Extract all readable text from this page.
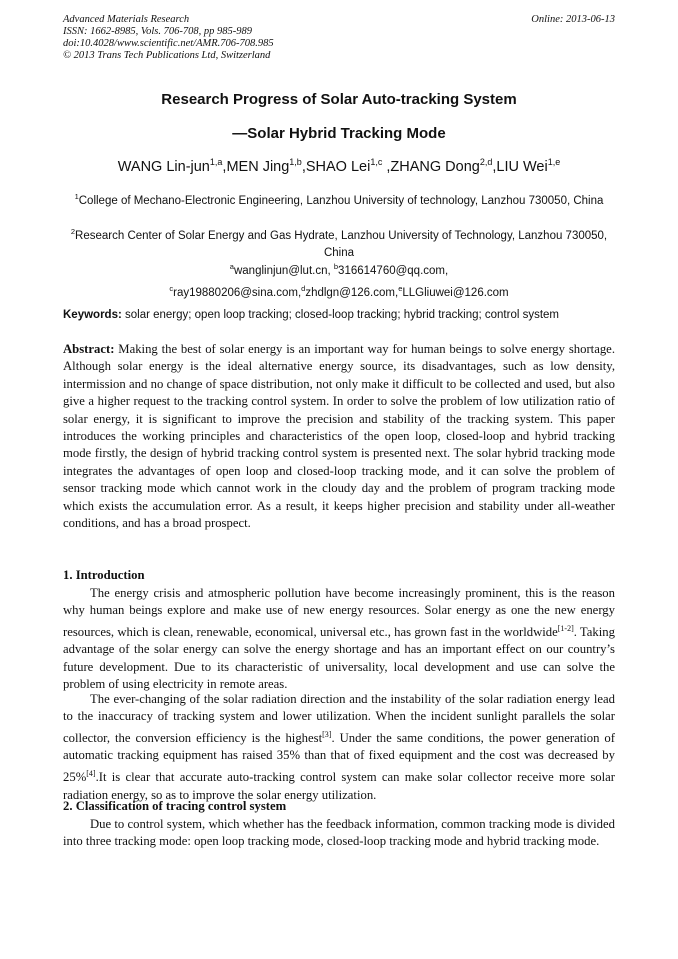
Advanced Materials Research
ISSN: 1662-8985, Vols. 706-708, pp 985-989
doi:10.4028/www.scientific.net/AMR.706-708.985
© 2013 Trans Tech Publications Ltd, Switzerland
Online: 2013-06-13
Research Progress of Solar Auto-tracking System
—Solar Hybrid Tracking Mode
WANG Lin-jun$^{1,a}$,MEN Jing$^{1,b}$,SHAO Lei$^{1,c}$ ,ZHANG Dong$^{2,d}$,LIU Wei$^{1,e}$
$^1$College of Mechano-Electronic Engineering, Lanzhou University of technology, Lanzhou 730050, China
$^2$Research Center of Solar Energy and Gas Hydrate, Lanzhou University of Technology, Lanzhou 730050, China
$^a$wanglinjun@lut.cn, $^b$316614760@qq.com,
$^c$ray19880206@sina.com,$^d$zhdlgn@126.com,$^e$LLGliuwei@126.com
Keywords: solar energy; open loop tracking; closed-loop tracking; hybrid tracking; control system
Abstract: Making the best of solar energy is an important way for human beings to solve energy shortage. Although solar energy is the ideal alternative energy source, its disadvantages, such as low density, intermission and no change of space distribution, not only make it difficult to be collected and used, but also give a higher request to the tracking control system. In order to solve the problem of low utilization ratio of solar energy, it is significant to improve the precision and stability of the tracking system. This paper introduces the working principles and characteristics of the open loop, closed-loop and hybrid tracking mode firstly, the design of hybrid tracking control system is presented next. The solar hybrid tracking mode integrates the advantages of open loop and closed-loop tracking mode, and it can solve the problem of sensor tracking mode which cannot work in the cloudy day and the problem of program tracking mode which exists the accumulation error. As a result, it keeps higher precision and stability under all-weather conditions, and has a broad prospect.
1. Introduction
The energy crisis and atmospheric pollution have become increasingly prominent, this is the reason why human beings explore and make use of new energy resources. Solar energy as one the new energy resources, which is clean, renewable, economical, universal etc., has grown fast in the worldwide[1-2]. Taking advantage of the solar energy can solve the energy shortage and has an important effect on our country’s future development. Due to its characteristic of universality, local development and use can solve the problem of using electricity in remote areas.
The ever-changing of the solar radiation direction and the instability of the solar radiation energy lead to the inaccuracy of tracking system and lower utilization. When the incident sunlight parallels the solar collector, the conversion efficiency is the highest[3]. Under the same conditions, the power generation of automatic tracking equipment has raised 35% than that of fixed equipment and the cost was decreased by 25%[4].It is clear that accurate auto-tracking control system can make solar collector receive more solar radiation energy, so as to improve the solar energy utilization.
2. Classification of tracing control system
Due to control system, which whether has the feedback information, common tracking mode is divided into three tracking mode: open loop tracking mode, closed-loop tracking mode and hybrid tracking mode.
